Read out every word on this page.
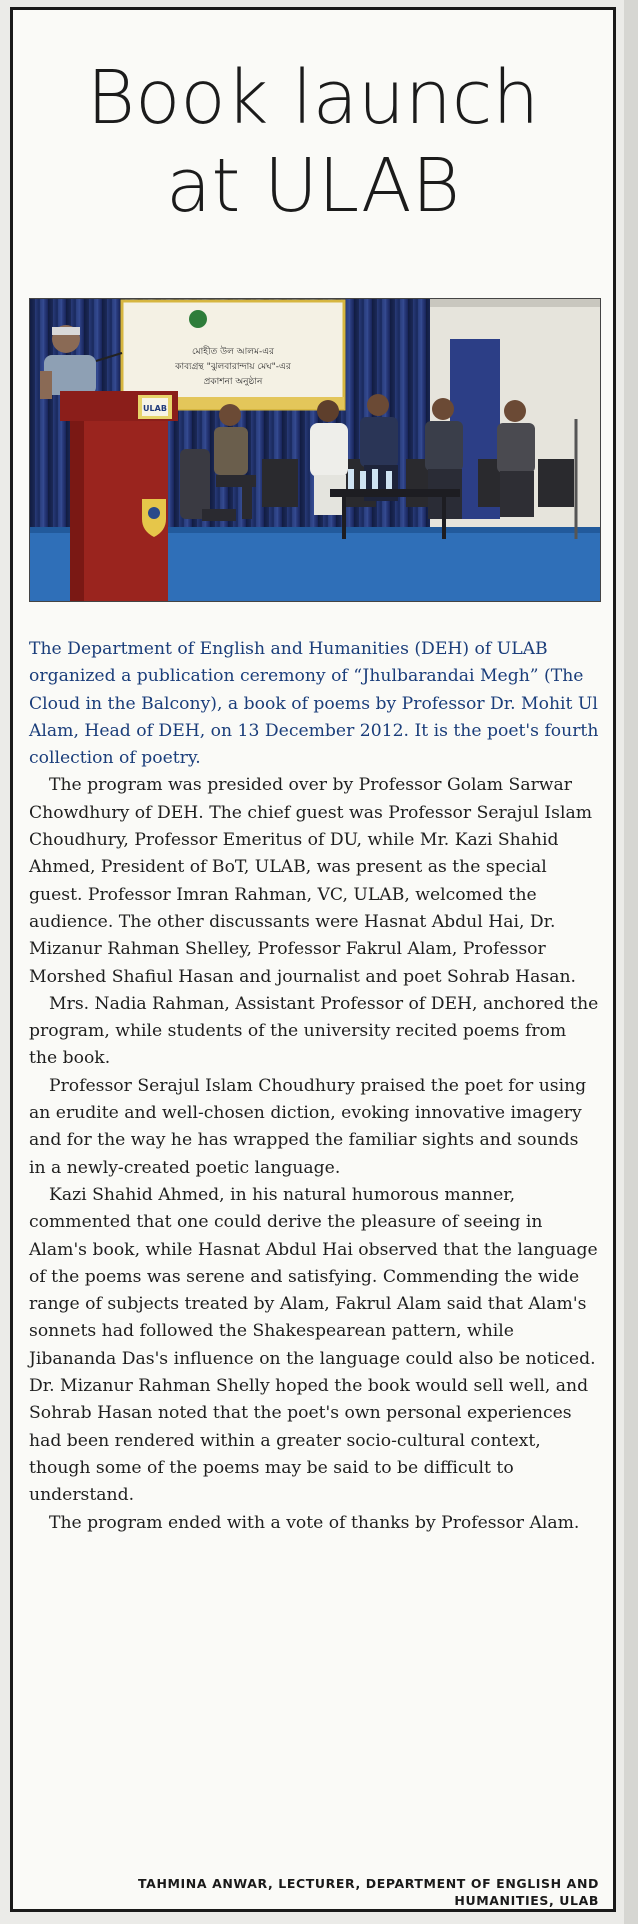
Book launch
at ULAB
মোহীত উল আলম-এর
কাব্যগ্রন্থ "ঝুলবারান্দায় মেঘ"-এর
প্রকাশনা অনুষ্ঠান
ULAB

The Department of English and Humanities (DEH) of ULAB organized a publication ceremony of “Jhulbarandai Megh” (The Cloud in the Balcony), a book of poems by Professor Dr. Mohit Ul Alam, Head of DEH, on 13 December 2012. It is the poet's fourth collection of poetry.

The program was presided over by Professor Golam Sarwar Chowdhury of DEH. The chief guest was Professor Serajul Islam Choudhury, Professor Emeritus of DU, while Mr. Kazi Shahid Ahmed, President of BoT, ULAB, was present as the special guest. Professor Imran Rahman, VC, ULAB, welcomed the audience. The other discussants were Hasnat Abdul Hai, Dr. Mizanur Rahman Shelley, Professor Fakrul Alam, Professor Morshed Shafiul Hasan and journalist and poet Sohrab Hasan.

Mrs. Nadia Rahman, Assistant Professor of DEH, anchored the program, while students of the university recited poems from the book.

Professor Serajul Islam Choudhury praised the poet for using an erudite and well-chosen diction, evoking innovative imagery and for the way he has wrapped the familiar sights and sounds in a newly-created poetic language.

Kazi Shahid Ahmed, in his natural humorous manner, commented that one could derive the pleasure of seeing in Alam's book, while Hasnat Abdul Hai observed that the language of the poems was serene and satisfying. Commending the wide range of subjects treated by Alam, Fakrul Alam said that Alam's sonnets had followed the Shakespearean pattern, while Jibananda Das's influence on the language could also be noticed. Dr. Mizanur Rahman Shelly hoped the book would sell well, and Sohrab Hasan noted that the poet's own personal experiences had been rendered within a greater socio-cultural context, though some of the poems may be said to be difficult to understand.

The program ended with a vote of thanks by Professor Alam.

TAHMINA ANWAR, LECTURER, DEPARTMENT OF ENGLISH AND
HUMANITIES, ULAB
